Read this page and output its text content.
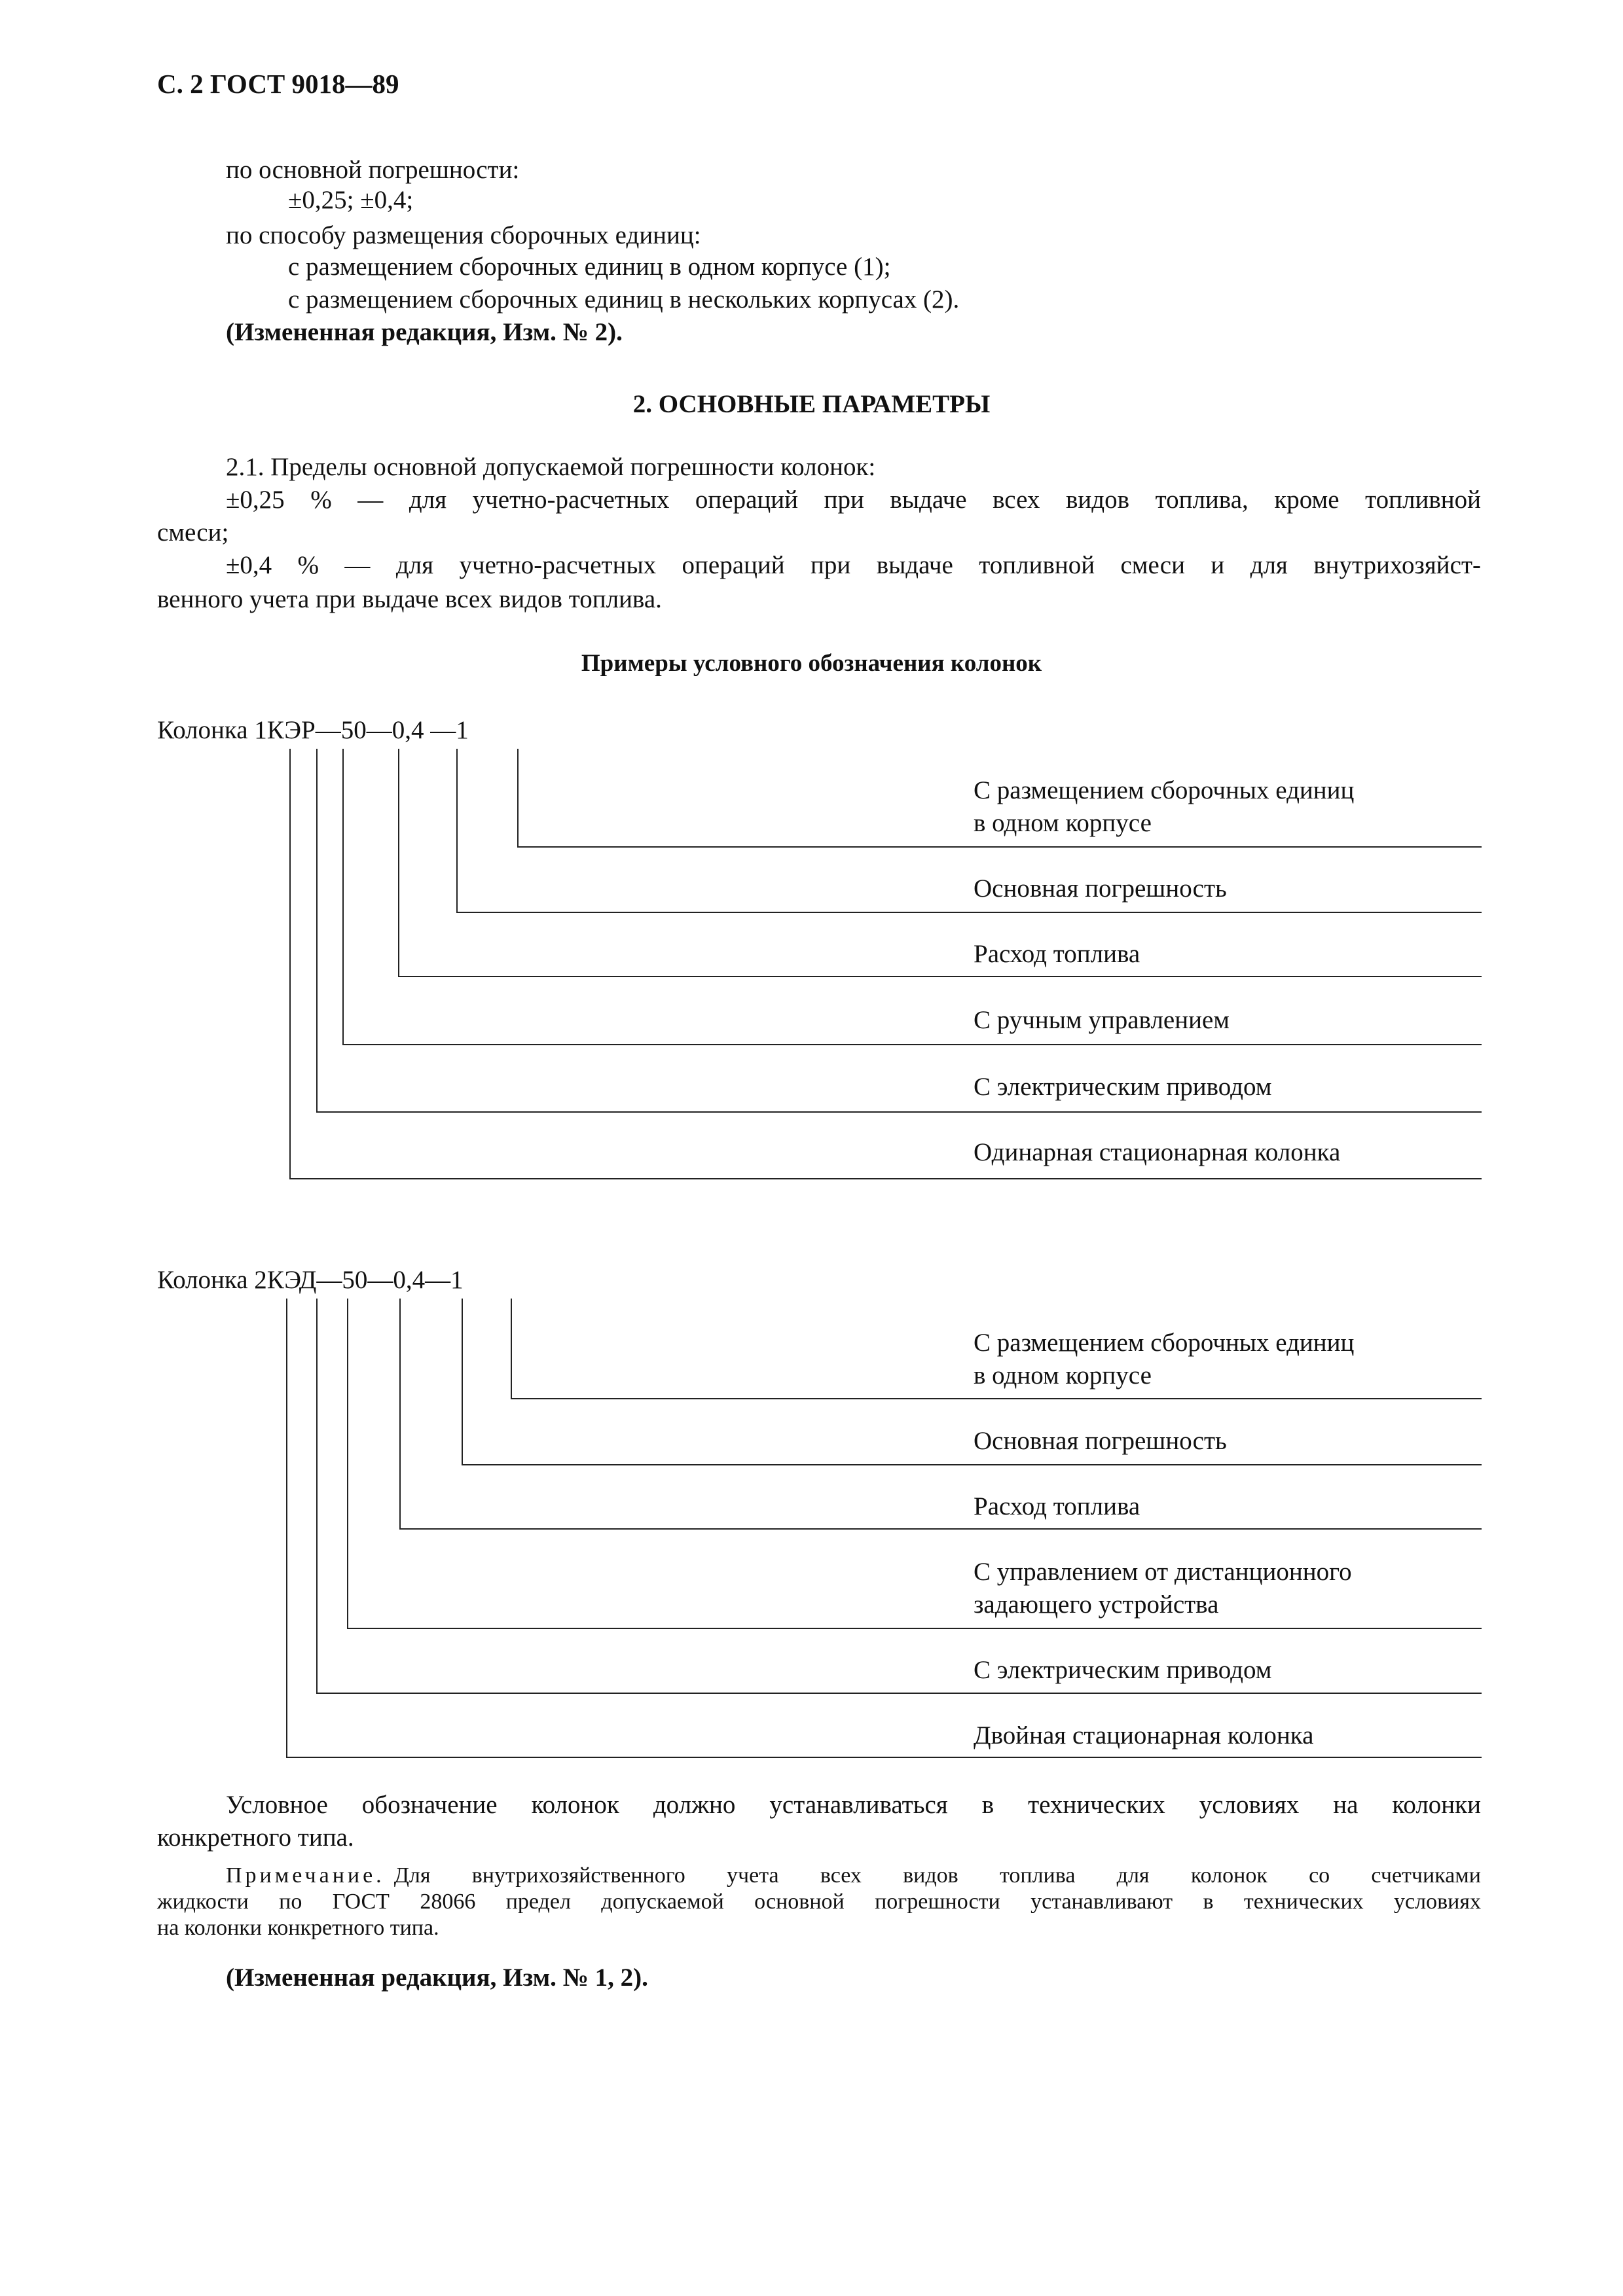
С. 2 ГОСТ 9018—89
по основной погрешности:
±0,25; ±0,4;
по способу размещения сборочных единиц:
с размещением сборочных единиц в одном корпусе (1);
с размещением сборочных единиц в нескольких корпусах (2).
(Измененная редакция, Изм. № 2).
2. ОСНОВНЫЕ ПАРАМЕТРЫ
2.1. Пределы основной допускаемой погрешности колонок:
±0,25 % — для учетно-расчетных операций при выдаче всех видов топлива, кроме топливной
смеси;
±0,4 % — для учетно-расчетных операций при выдаче топливной смеси и для внутрихозяйст-
венного учета при выдаче всех видов топлива.
Примеры условного обозначения колонок
Колонка 1КЭР—50—0,4 —1
С размещением сборочных единиц
в одном корпусе
Основная погрешность
Расход топлива
С ручным управлением
С электрическим приводом
Одинарная стационарная колонка
Колонка 2КЭД—50—0,4—1
С размещением сборочных единиц
в одном корпусе
Основная погрешность
Расход топлива
С управлением от дистанционного
задающего устройства
С электрическим приводом
Двойная стационарная колонка
Условное обозначение колонок должно устанавливаться в технических условиях на колонки
конкретного типа.
Примечание. Для внутрихозяйственного учета всех видов топлива для колонок со счетчиками
жидкости по ГОСТ 28066 предел допускаемой основной погрешности устанавливают в технических условиях
на колонки конкретного типа.
(Измененная редакция, Изм. № 1, 2).
